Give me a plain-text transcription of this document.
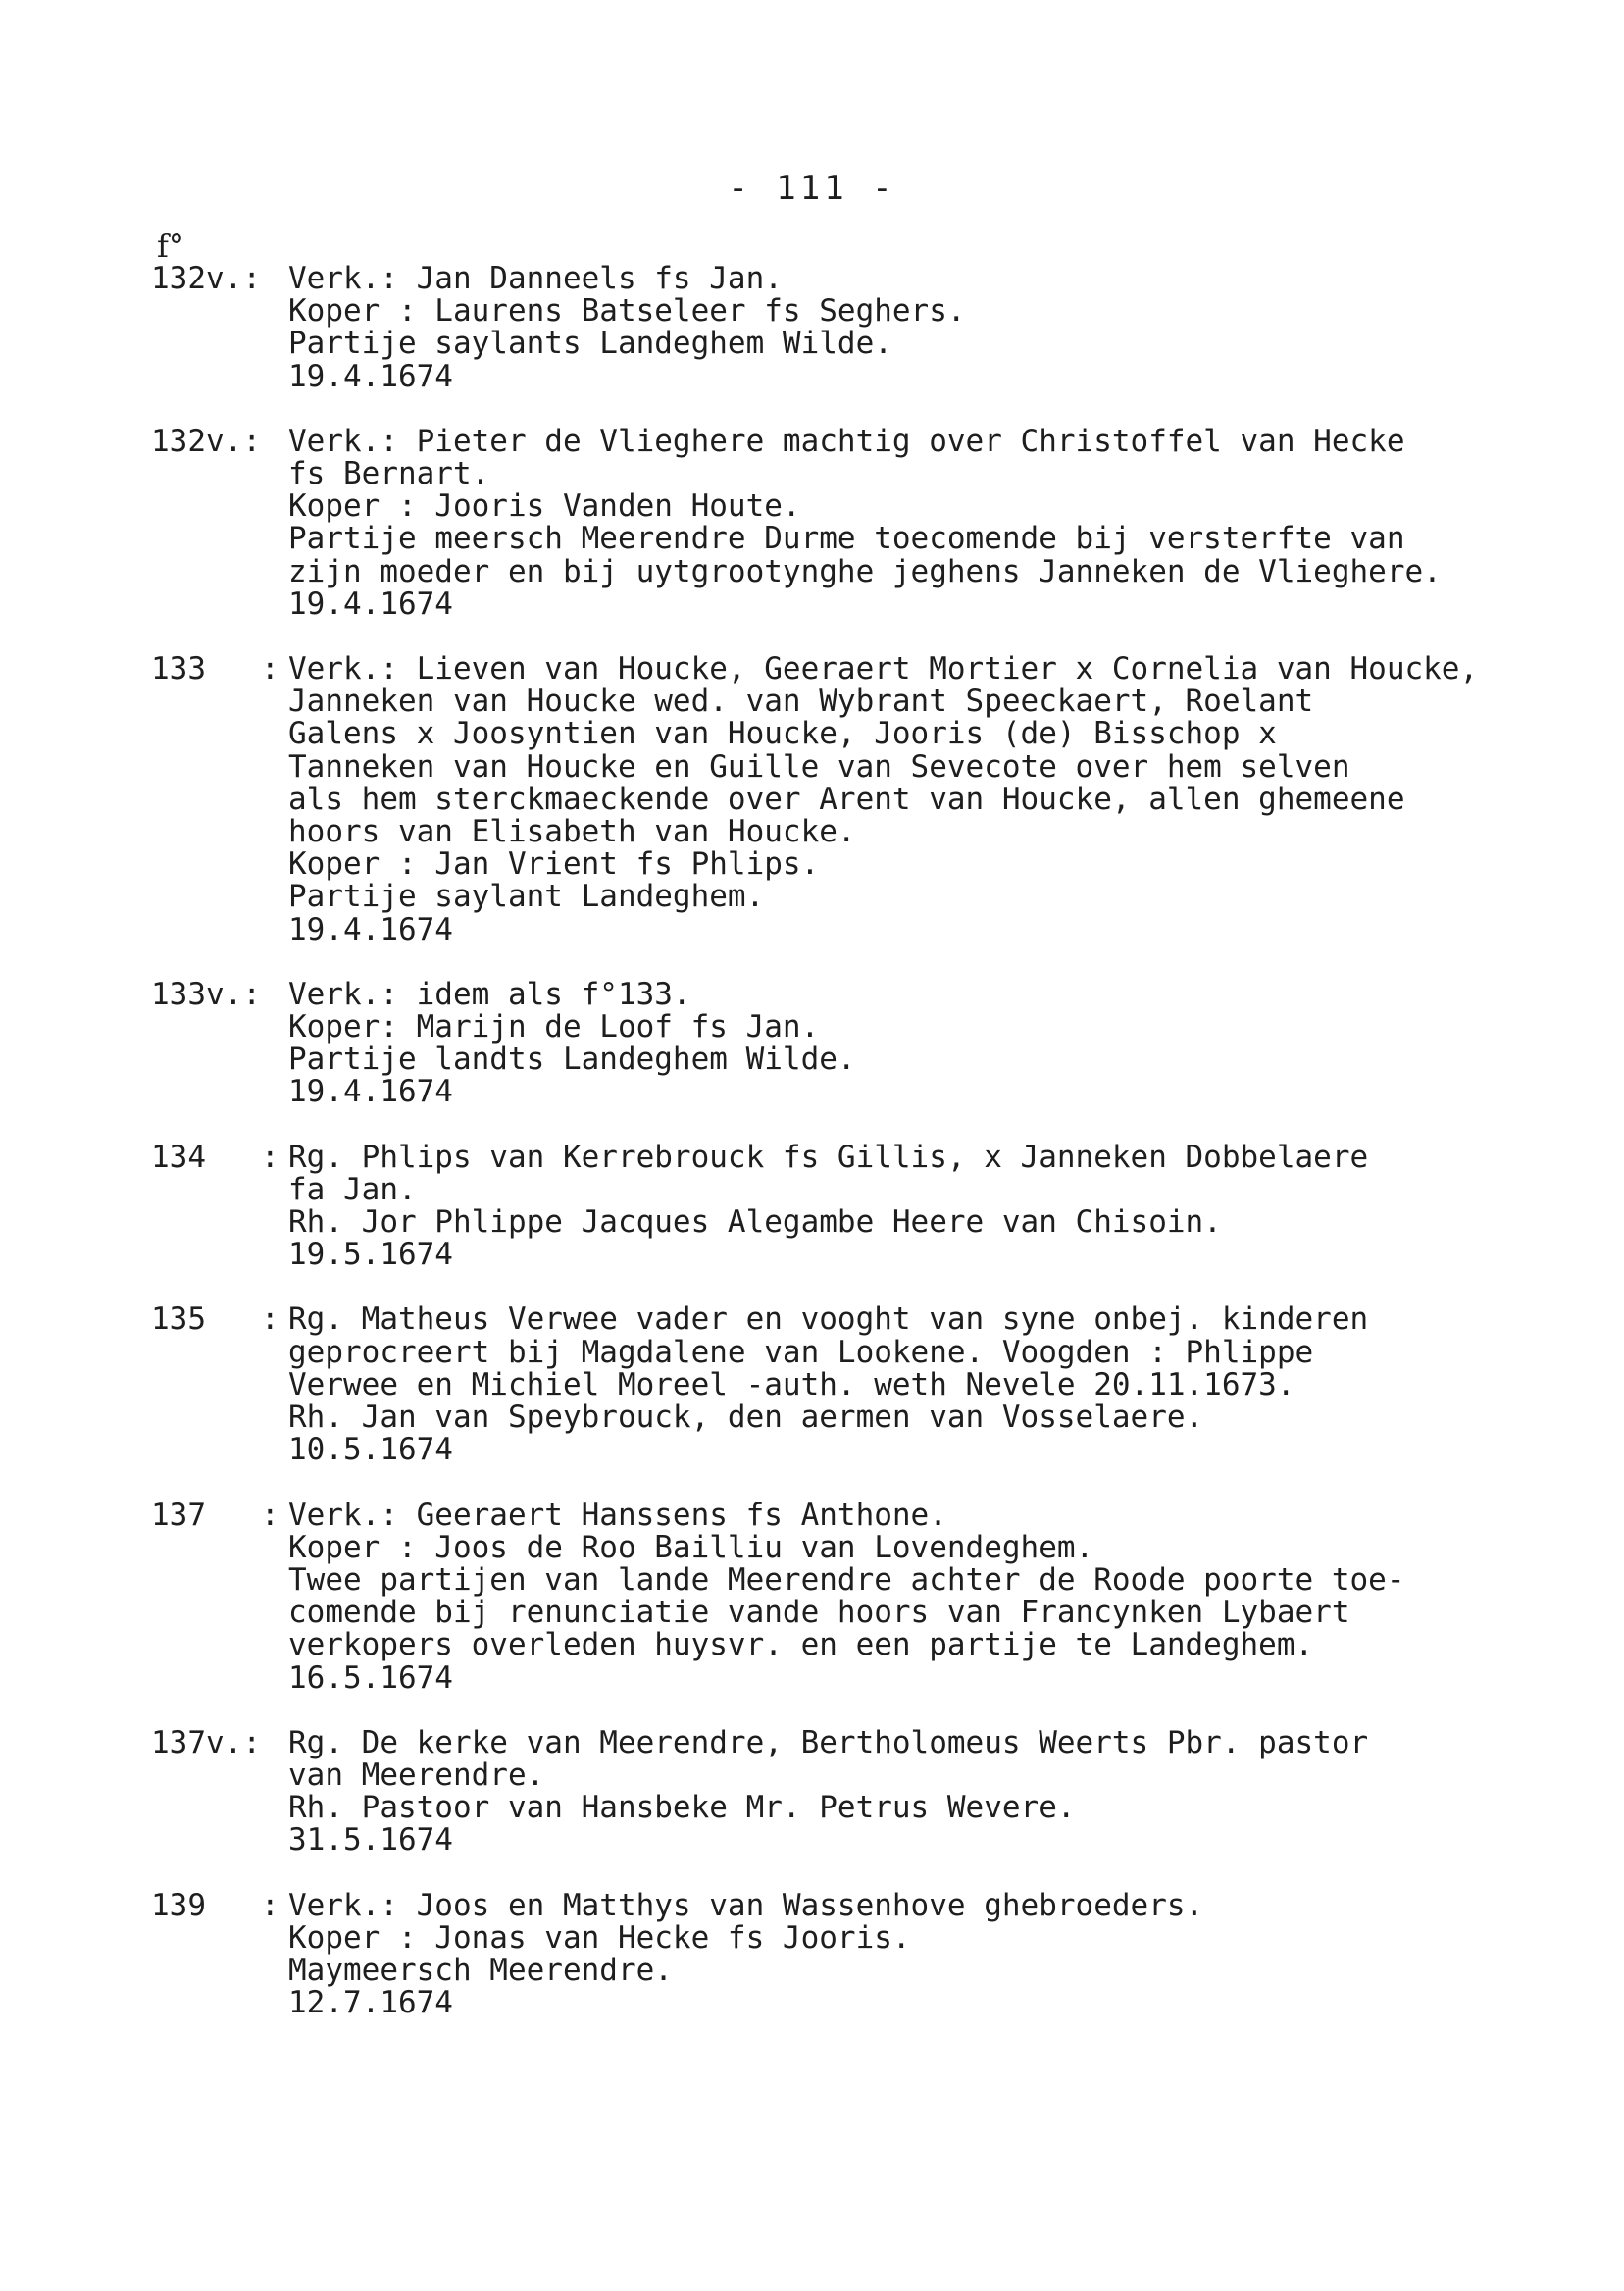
- 111 -
f°
132v.: Verk.: Jan Danneels fs Jan.
Koper : Laurens Batseleer fs Seghers.
Partije saylants Landeghem Wilde.
19.4.1674
132v.: Verk.: Pieter de Vlieghere machtig over Christoffel van Hecke
fs Bernart.
Koper : Jooris Vanden Houte.
Partije meersch Meerendre Durme toecomende bij versterfte van
zijn moeder en bij uytgrootynghe jeghens Janneken de Vlieghere.
19.4.1674
133   : Verk.: Lieven van Houcke, Geeraert Mortier x Cornelia van Houcke,
Janneken van Houcke wed. van Wybrant Speeckaert, Roelant
Galens x Joosyntien van Houcke, Jooris (de) Bisschop x
Tanneken van Houcke en Guille van Sevecote over hem selven
als hem sterckmaeckende over Arent van Houcke, allen ghemeene
hoors van Elisabeth van Houcke.
Koper : Jan Vrient fs Phlips.
Partije saylant Landeghem.
19.4.1674
133v.: Verk.: idem als f°133.
Koper: Marijn de Loof fs Jan.
Partije landts Landeghem Wilde.
19.4.1674
134   : Rg. Phlips van Kerrebrouck fs Gillis, x Janneken Dobbelaere
fa Jan.
Rh. Jor Phlippe Jacques Alegambe Heere van Chisoin.
19.5.1674
135   : Rg. Matheus Verwee vader en vooght van syne onbej. kinderen
geprocreert bij Magdalene van Lookene. Voogden : Phlippe
Verwee en Michiel Moreel -auth. weth Nevele 20.11.1673.
Rh. Jan van Speybrouck, den aermen van Vosselaere.
10.5.1674
137   : Verk.: Geeraert Hanssens fs Anthone.
Koper : Joos de Roo Bailliu van Lovendeghem.
Twee partijen van lande Meerendre achter de Roode poorte toe-
comende bij renunciatie vande hoors van Francynken Lybaert
verkopers overleden huysvr. en een partije te Landeghem.
16.5.1674
137v.: Rg. De kerke van Meerendre, Bertholomeus Weerts Pbr. pastor
van Meerendre.
Rh. Pastoor van Hansbeke Mr. Petrus Wevere.
31.5.1674
139   : Verk.: Joos en Matthys van Wassenhove ghebroeders.
Koper : Jonas van Hecke fs Jooris.
Maymeersch Meerendre.
12.7.1674
